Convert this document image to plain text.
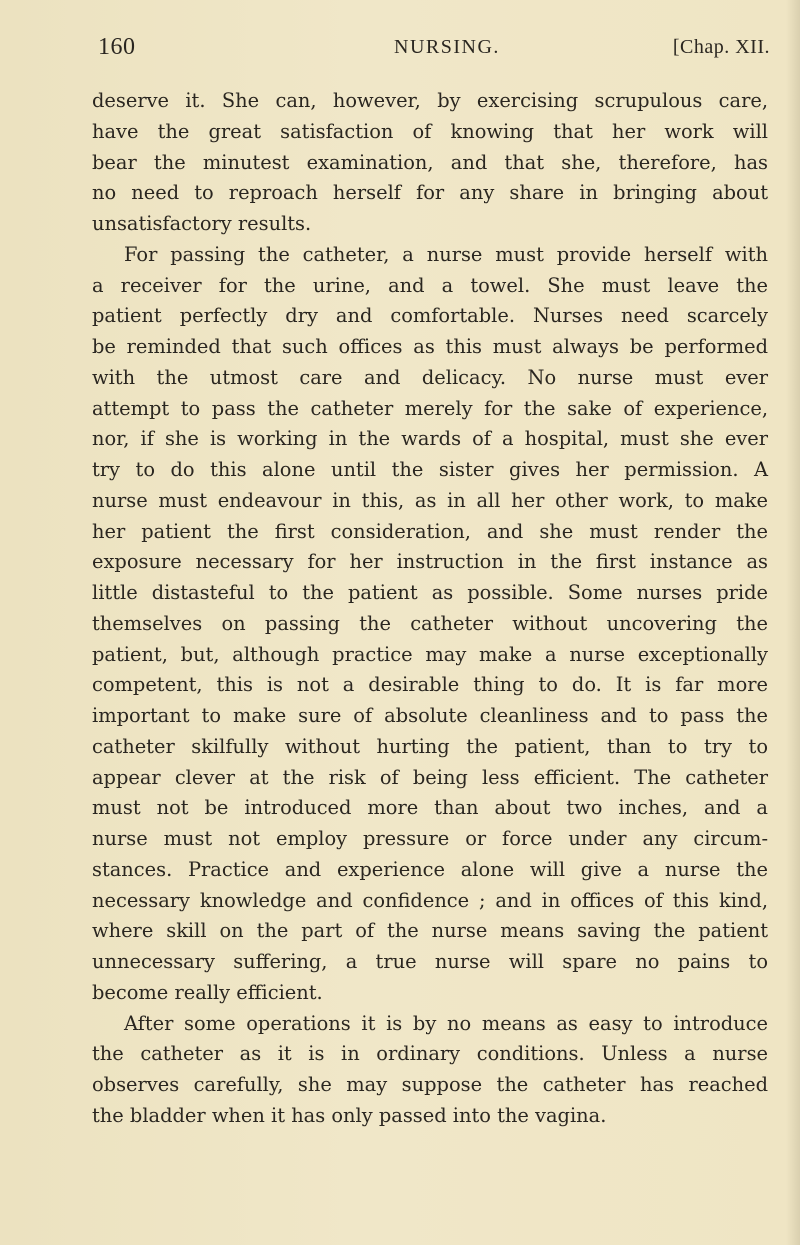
160	NURSING.	[Chap. XII.
deserve it. She can, however, by exercising scrupulous care,
have the great satisfaction of knowing that her work will
bear the minutest examination, and that she, therefore, has
no need to reproach herself for any share in bringing about
unsatisfactory results.
For passing the catheter, a nurse must provide herself with
a receiver for the urine, and a towel. She must leave the
patient perfectly dry and comfortable. Nurses need scarcely
be reminded that such offices as this must always be performed
with the utmost care and delicacy. No nurse must ever
attempt to pass the catheter merely for the sake of experience,
nor, if she is working in the wards of a hospital, must she ever
try to do this alone until the sister gives her permission. A
nurse must endeavour in this, as in all her other work, to make
her patient the first consideration, and she must render the
exposure necessary for her instruction in the first instance as
little distasteful to the patient as possible. Some nurses pride
themselves on passing the catheter without uncovering the
patient, but, although practice may make a nurse exceptionally
competent, this is not a desirable thing to do. It is far more
important to make sure of absolute cleanliness and to pass the
catheter skilfully without hurting the patient, than to try to
appear clever at the risk of being less efficient. The catheter
must not be introduced more than about two inches, and a
nurse must not employ pressure or force under any circum-
stances. Practice and experience alone will give a nurse the
necessary knowledge and confidence ; and in offices of this kind,
where skill on the part of the nurse means saving the patient
unnecessary suffering, a true nurse will spare no pains to
become really efficient.
After some operations it is by no means as easy to introduce
the catheter as it is in ordinary conditions. Unless a nurse
observes carefully, she may suppose the catheter has reached
the bladder when it has only passed into the vagina.
